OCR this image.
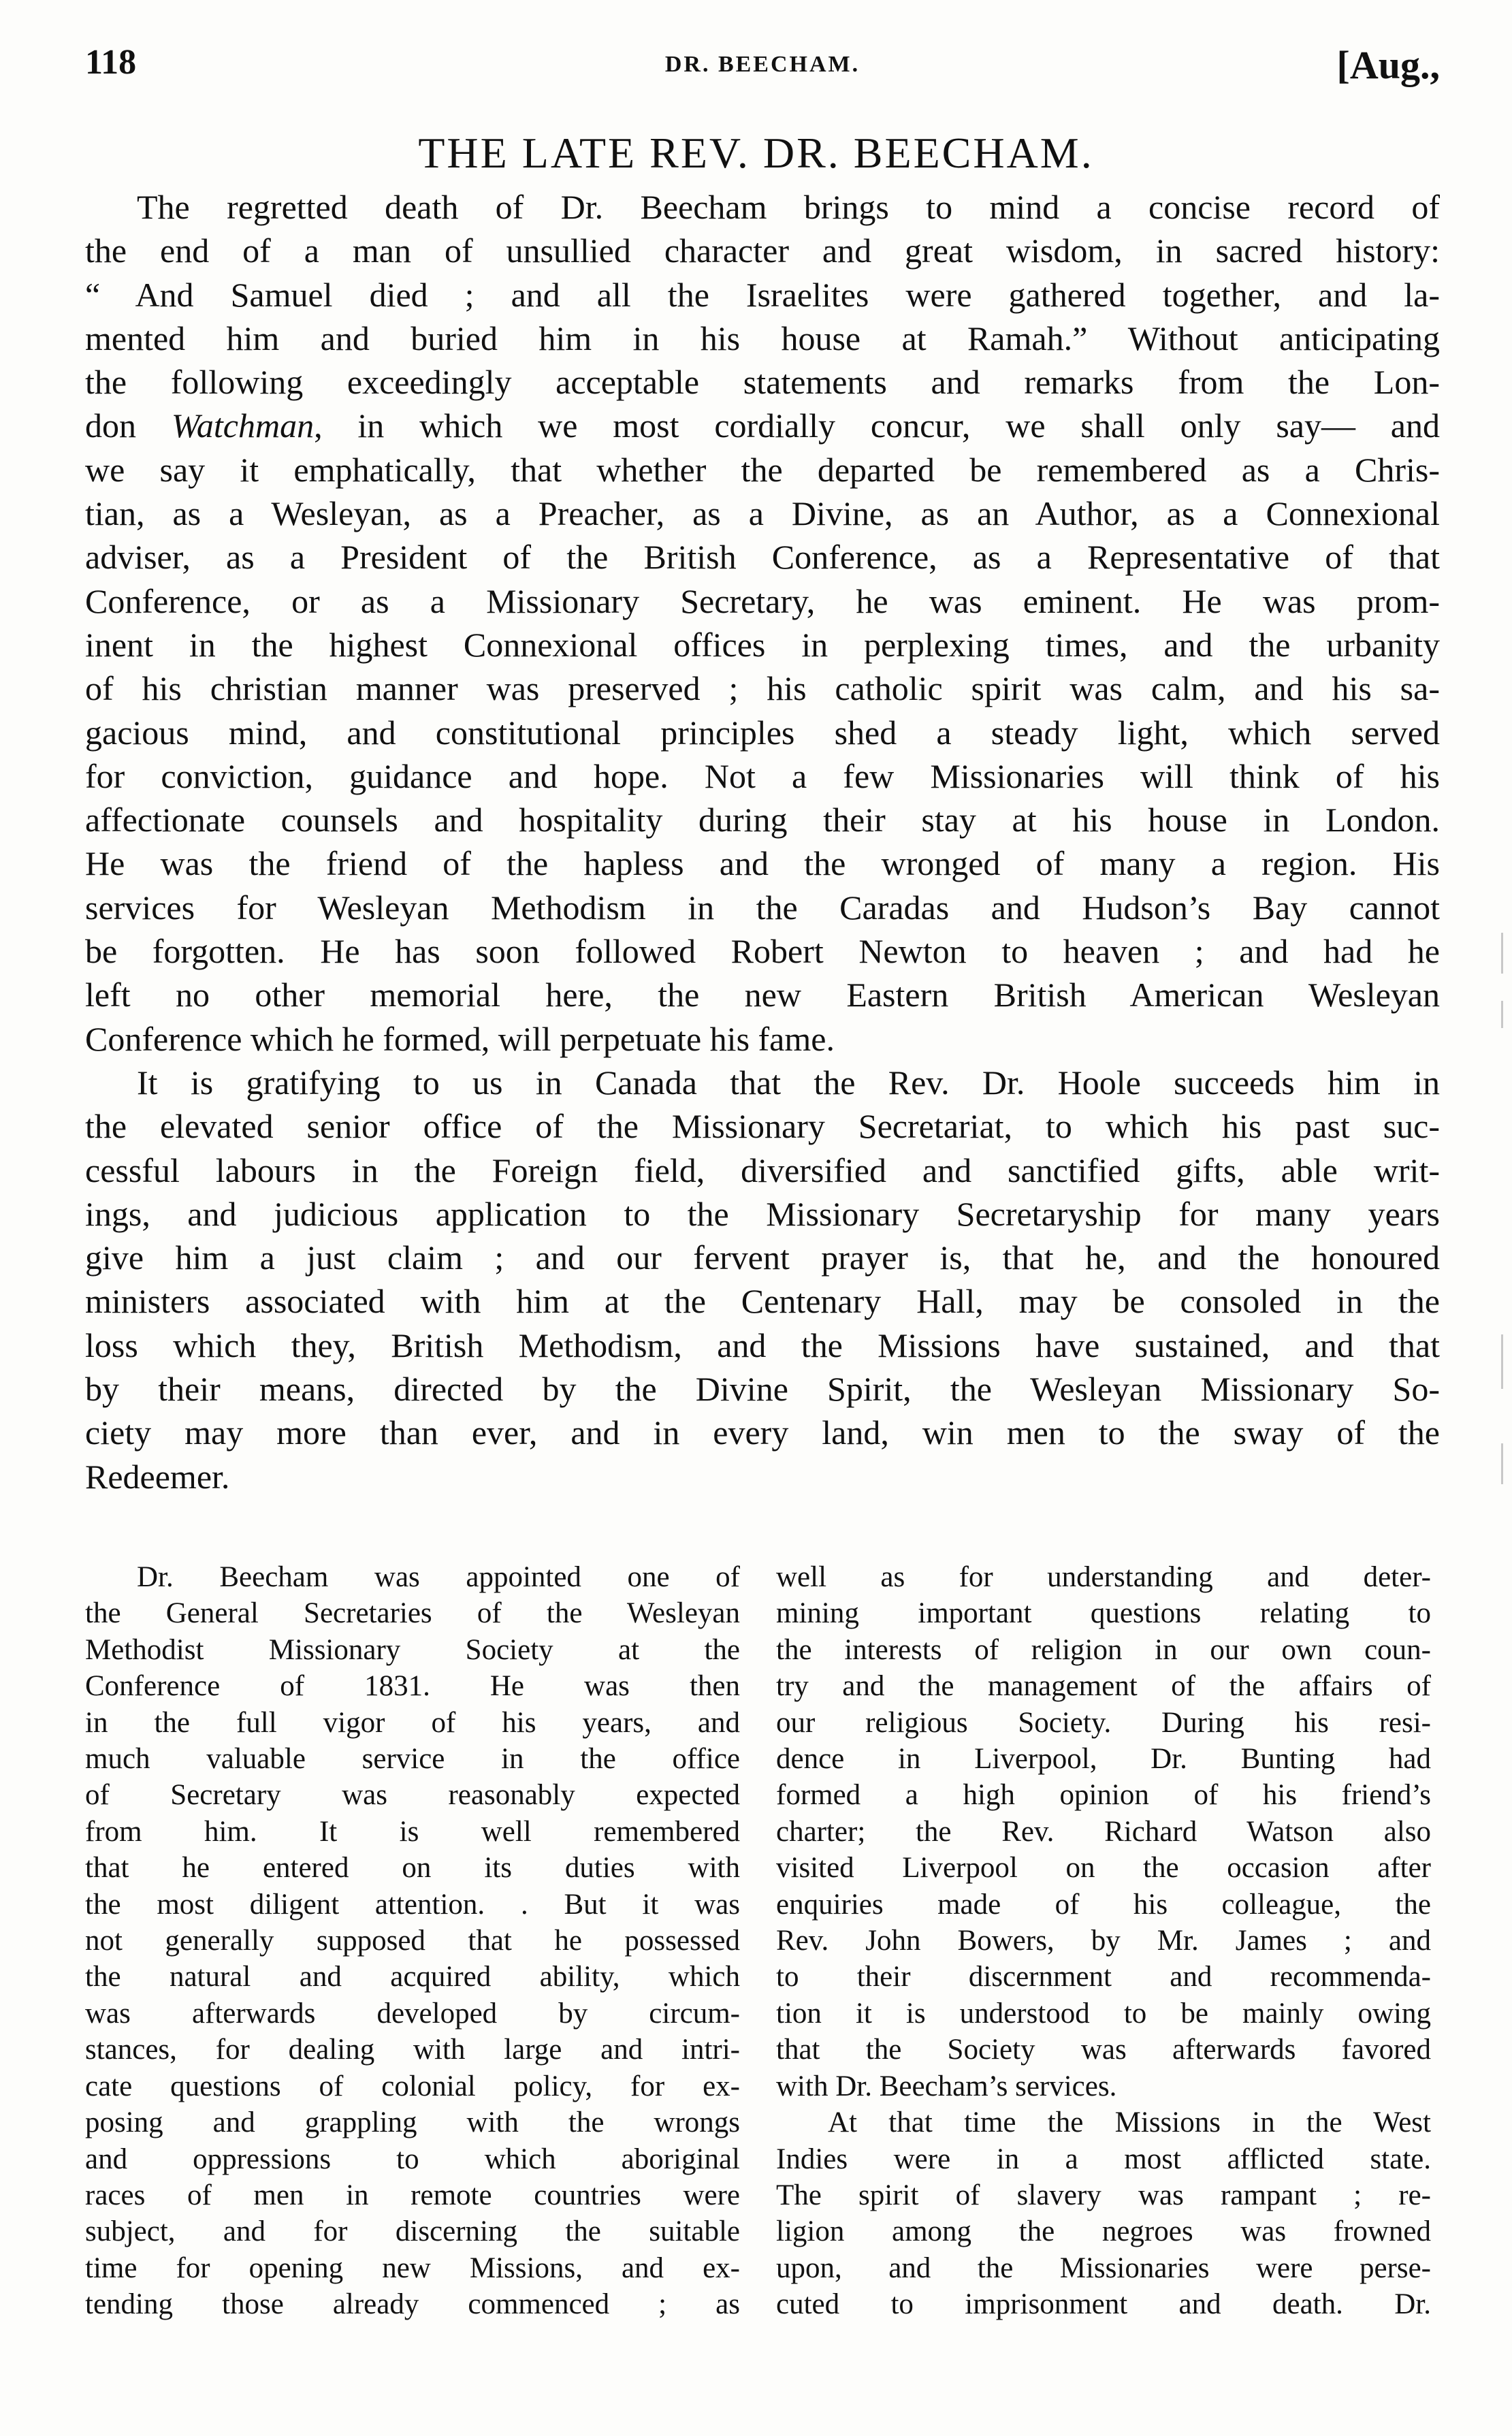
118	DR. BEECHAM.	[Aug.,
THE LATE REV. DR. BEECHAM.
The regretted death of Dr. Beecham brings to mind a concise record of
the end of a man of unsullied character and great wisdom, in sacred history:
“ And Samuel died ; and all the Israelites were gathered together, and la-
mented him and buried him in his house at Ramah.” Without anticipating
the following exceedingly acceptable statements and remarks from the Lon-
don Watchman, in which we most cordially concur, we shall only say— and
we say it emphatically, that whether the departed be remembered as a Chris-
tian, as a Wesleyan, as a Preacher, as a Divine, as an Author, as a Connexional
adviser, as a President of the British Conference, as a Representative of that
Conference, or as a Missionary Secretary, he was eminent. He was prom-
inent in the highest Connexional offices in perplexing times, and the urbanity
of his christian manner was preserved ; his catholic spirit was calm, and his sa-
gacious mind, and constitutional principles shed a steady light, which served
for conviction, guidance and hope. Not a few Missionaries will think of his
affectionate counsels and hospitality during their stay at his house in London.
He was the friend of the hapless and the wronged of many a region. His
services for Wesleyan Methodism in the Caradas and Hudson’s Bay cannot
be forgotten. He has soon followed Robert Newton to heaven ; and had he
left no other memorial here, the new Eastern British American Wesleyan
Conference which he formed, will perpetuate his fame.
It is gratifying to us in Canada that the Rev. Dr. Hoole succeeds him in
the elevated senior office of the Missionary Secretariat, to which his past suc-
cessful labours in the Foreign field, diversified and sanctified gifts, able writ-
ings, and judicious application to the Missionary Secretaryship for many years
give him a just claim ; and our fervent prayer is, that he, and the honoured
ministers associated with him at the Centenary Hall, may be consoled in the
loss which they, British Methodism, and the Missions have sustained, and that
by their means, directed by the Divine Spirit, the Wesleyan Missionary So-
ciety may more than ever, and in every land, win men to the sway of the
Redeemer.
Dr. Beecham was appointed one of
the General Secretaries of the Wesleyan
Methodist Missionary Society at the
Conference of 1831. He was then
in the full vigor of his years, and
much valuable service in the office
of Secretary was reasonably expected
from him. It is well remembered
that he entered on its duties with
the most diligent attention. . But it was
not generally supposed that he possessed
the natural and acquired ability, which
was afterwards developed by circum-
stances, for dealing with large and intri-
cate questions of colonial policy, for ex-
posing and grappling with the wrongs
and oppressions to which aboriginal
races of men in remote countries were
subject, and for discerning the suitable
time for opening new Missions, and ex-
tending those already commenced ; as
well as for understanding and deter-
mining important questions relating to
the interests of religion in our own coun-
try and the management of the affairs of
our religious Society. During his resi-
dence in Liverpool, Dr. Bunting had
formed a high opinion of his friend’s
charter; the Rev. Richard Watson also
visited Liverpool on the occasion after
enquiries made of his colleague, the
Rev. John Bowers, by Mr. James ; and
to their discernment and recommenda-
tion it is understood to be mainly owing
that the Society was afterwards favored
with Dr. Beecham’s services.
At that time the Missions in the West
Indies were in a most afflicted state.
The spirit of slavery was rampant ; re-
ligion among the negroes was frowned
upon, and the Missionaries were perse-
cuted to imprisonment and death. Dr.
